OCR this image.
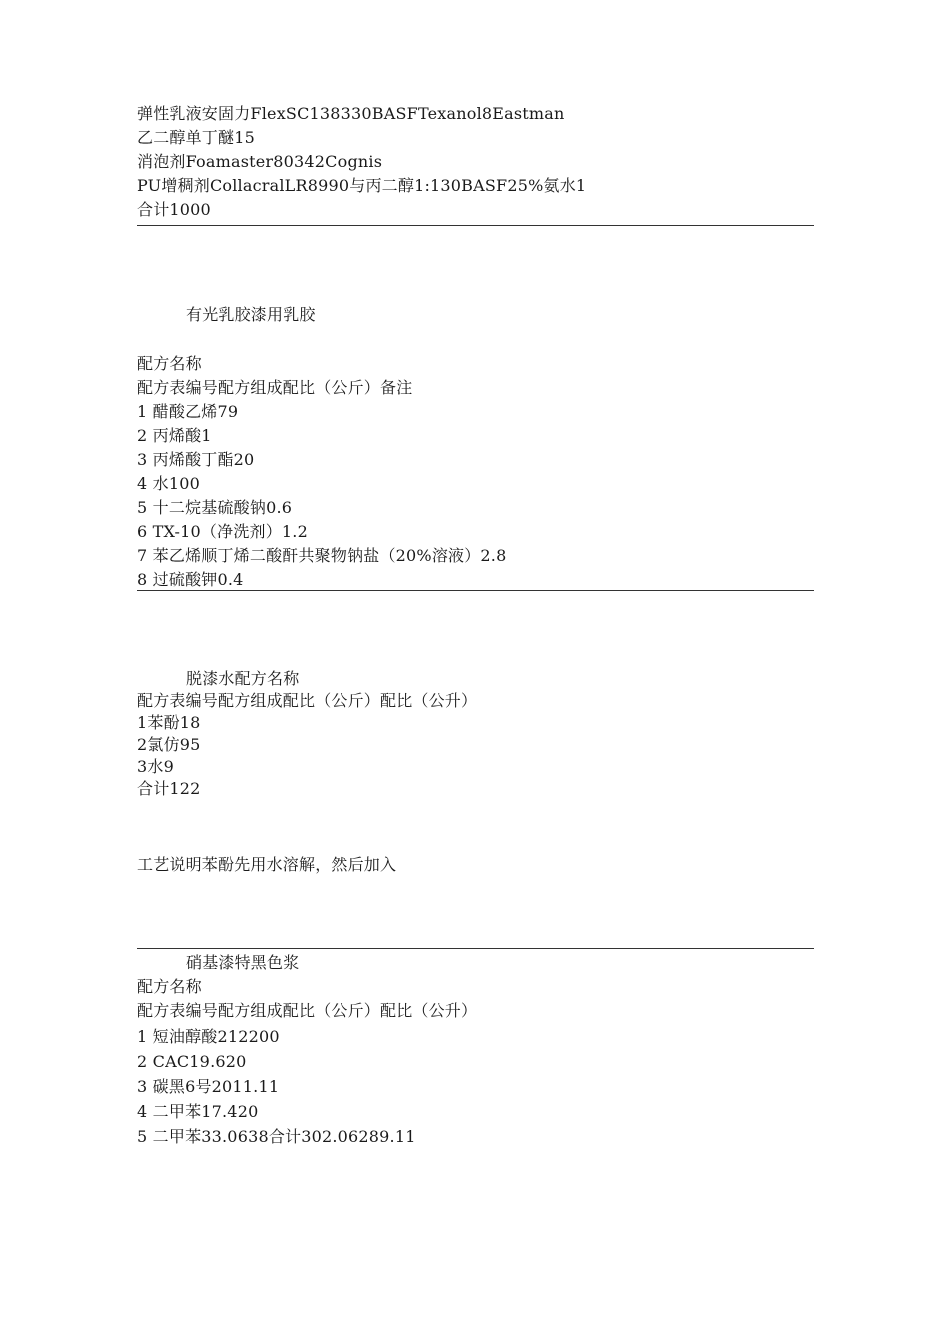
弹性乳液安固力FlexSC138330BASFTexanol8Eastman
乙二醇单丁醚15
消泡剂Foamaster80342Cognis
PU增稠剂CollacralLR8990与丙二醇1:130BASF25%氨水1
合计1000
有光乳胶漆用乳胶
配方名称
配方表编号配方组成配比（公斤）备注
1 醋酸乙烯79
2 丙烯酸1
3 丙烯酸丁酯20
4 水100
5 十二烷基硫酸钠0.6
6 TX-10（净洗剂）1.2
7 苯乙烯顺丁烯二酸酐共聚物钠盐（20%溶液）2.8
8 过硫酸钾0.4
脱漆水配方名称
配方表编号配方组成配比（公斤）配比（公升）
1苯酚18
2氯仿95
3水9
合计122
工艺说明苯酚先用水溶解，然后加入
硝基漆特黑色浆
配方名称
配方表编号配方组成配比（公斤）配比（公升）
1 短油醇酸212200
2 CAC19.620
3 碳黑6号2011.11
4 二甲苯17.420
5 二甲苯33.0638合计302.06289.11
